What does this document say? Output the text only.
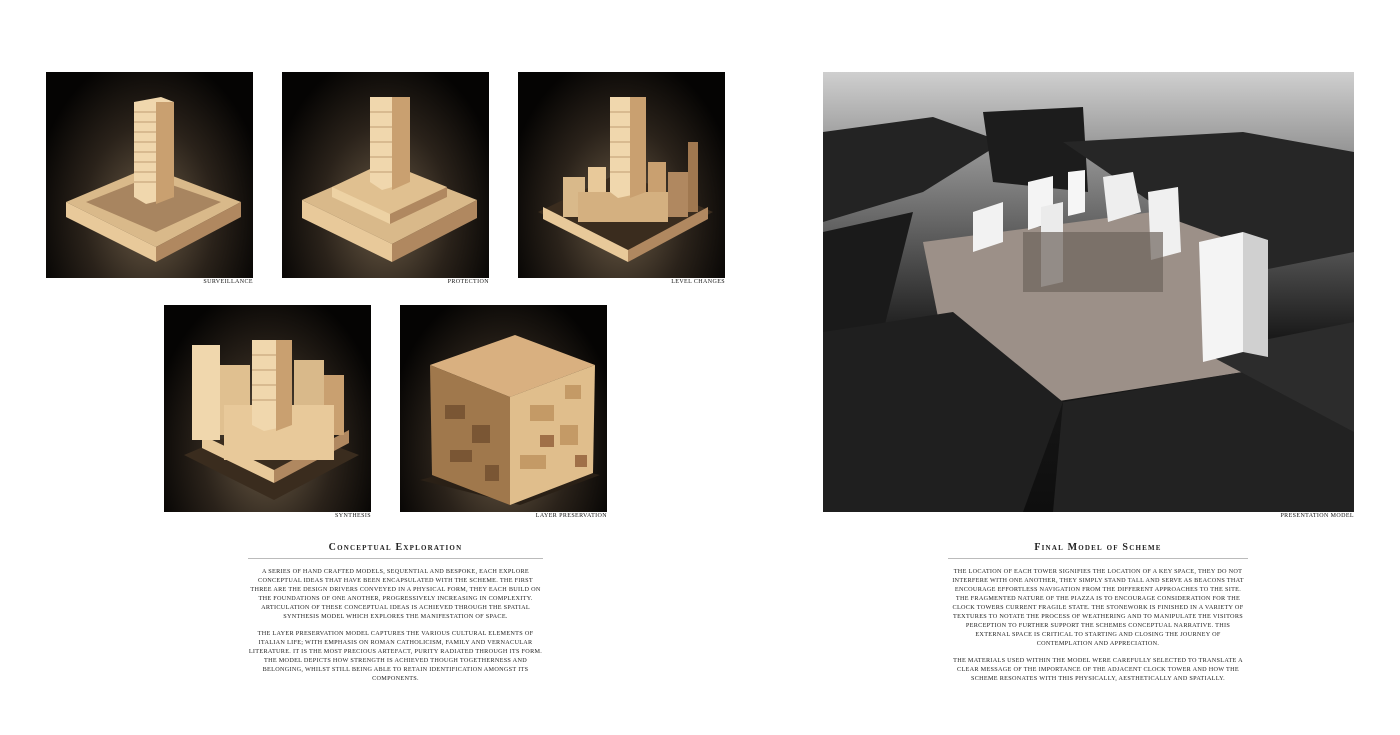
SURVEILLANCE	PROTECTION	LEVEL CHANGES
SYNTHESIS	LAYER PRESERVATION	PRESENTATION MODEL
Conceptual Exploration

A SERIES OF HAND CRAFTED MODELS, SEQUENTIAL AND BESPOKE, EACH EXPLORE CONCEPTUAL IDEAS THAT HAVE BEEN ENCAPSULATED WITH THE SCHEME. THE FIRST THREE ARE THE DESIGN DRIVERS CONVEYED IN A PHYSICAL FORM, THEY EACH BUILD ON THE FOUNDATIONS OF ONE ANOTHER, PROGRESSIVELY INCREASING IN COMPLEXITY. ARTICULATION OF THESE CONCEPTUAL IDEAS IS ACHIEVED THROUGH THE SPATIAL SYNTHESIS MODEL WHICH EXPLORES THE MANIFESTATION OF SPACE.

THE LAYER PRESERVATION MODEL CAPTURES THE VARIOUS CULTURAL ELEMENTS OF ITALIAN LIFE; WITH EMPHASIS ON ROMAN CATHOLICISM, FAMILY AND VERNACULAR LITERATURE. IT IS THE MOST PRECIOUS ARTEFACT, PURITY RADIATED THROUGH ITS FORM. THE MODEL DEPICTS HOW STRENGTH IS ACHIEVED THOUGH TOGETHERNESS AND BELONGING, WHILST STILL BEING ABLE TO RETAIN IDENTIFICATION AMONGST ITS COMPONENTS.

Final Model of Scheme

THE LOCATION OF EACH TOWER SIGNIFIES THE LOCATION OF A KEY SPACE, THEY DO NOT INTERFERE WITH ONE ANOTHER, THEY SIMPLY STAND TALL AND SERVE AS BEACONS THAT ENCOURAGE EFFORTLESS NAVIGATION FROM THE DIFFERENT APPROACHES TO THE SITE. THE FRAGMENTED NATURE OF THE PIAZZA IS TO ENCOURAGE CONSIDERATION FOR THE CLOCK TOWERS CURRENT FRAGILE STATE. THE STONEWORK IS FINISHED IN A VARIETY OF TEXTURES TO NOTATE THE PROCESS OF WEATHERING AND TO MANIPULATE THE VISITORS PERCEPTION TO FURTHER SUPPORT THE SCHEMES CONCEPTUAL NARRATIVE. THIS EXTERNAL SPACE IS CRITICAL TO STARTING AND CLOSING THE JOURNEY OF CONTEMPLATION AND APPRECIATION.

THE MATERIALS USED WITHIN THE MODEL WERE CAREFULLY SELECTED TO TRANSLATE A CLEAR MESSAGE OF THE IMPORTANCE OF THE ADJACENT CLOCK TOWER AND HOW THE SCHEME RESONATES WITH THIS PHYSICALLY, AESTHETICALLY AND SPATIALLY.
